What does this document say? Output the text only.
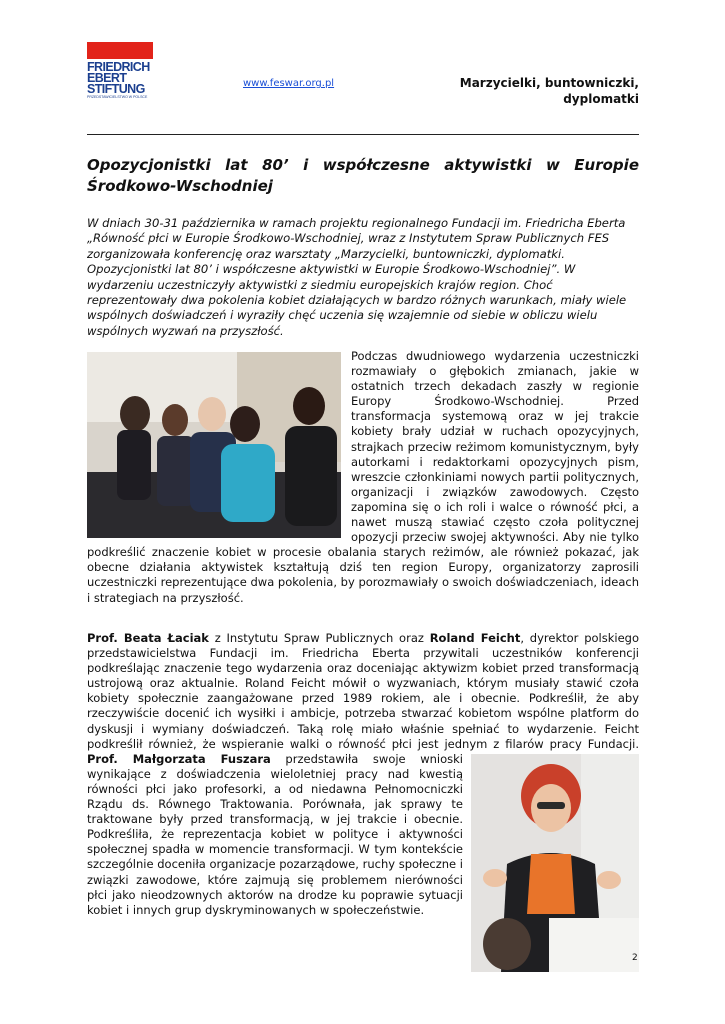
FRIEDRICH
EBERT
STIFTUNG
PRZEDSTAWICIELSTWO W POLSCE
www.feswar.org.pl	Marzycielki, buntowniczki, dyplomatki
Opozycjonistki lat 80’ i współczesne aktywistki w Europie Środkowo-Wschodniej

W dniach 30-31 października w ramach projektu regionalnego Fundacji im. Friedricha Eberta „Równość płci w Europie Środkowo-Wschodniej, wraz z Instytutem Spraw Publicznych FES zorganizowała konferencję oraz warsztaty „Marzycielki, buntowniczki, dyplomatki. Opozycjonistki lat 80’ i współczesne aktywistki w Europie Środkowo-Wschodniej”. W wydarzeniu uczestniczyły aktywistki z siedmiu europejskich krajów region. Choć reprezentowały dwa pokolenia kobiet działających w bardzo różnych warunkach, miały wiele wspólnych doświadczeń i wyraziły chęć uczenia się wzajemnie od siebie w obliczu wielu wspólnych wyzwań na przyszłość.

Podczas dwudniowego wydarzenia uczestniczki rozmawiały o głębokich zmianach, jakie w ostatnich trzech dekadach zaszły w regionie Europy Środkowo-Wschodniej. Przed transformacja systemową oraz w jej trakcie kobiety brały udział w ruchach opozycyjnych, strajkach przeciw reżimom komunistycznym, były autorkami i redaktorkami opozycyjnych pism, wreszcie członkiniami nowych partii politycznych, organizacji i związków zawodowych. Często zapomina się o ich roli i walce o równość płci, a nawet muszą stawiać często czoła politycznej opozycji przeciw swojej aktywności. Aby nie tylko podkreślić znaczenie kobiet w procesie obalania starych reżimów, ale również pokazać, jak obecne działania aktywistek kształtują dziś ten region Europy, organizatorzy zaprosili uczestniczki reprezentujące dwa pokolenia, by porozmawiały o swoich doświadczeniach, ideach i strategiach na przyszłość.
Prof. Beata Łaciak z Instytutu Spraw Publicznych oraz Roland Feicht, dyrektor polskiego przedstawicielstwa Fundacji im. Friedricha Eberta przywitali uczestników konferencji podkreślając znaczenie tego wydarzenia oraz doceniając aktywizm kobiet przed transformacją ustrojową oraz aktualnie. Roland Feicht mówił o wyzwaniach, którym musiały stawić czoła kobiety społecznie zaangażowane przed 1989 rokiem, ale i obecnie. Podkreślił, że aby rzeczywiście docenić ich wysiłki i ambicje, potrzeba stwarzać kobietom wspólne platform do dyskusji i wymiany doświadczeń. Taką rolę miało właśnie spełniać to wydarzenie. Feicht podkreślił również, że wspieranie walki o równość płci jest jednym z filarów pracy Fundacji.
Prof. Małgorzata Fuszara przedstawiła swoje wnioski wynikające z doświadczenia wieloletniej pracy nad kwestią równości płci jako profesorki, a od niedawna Pełnomocniczki Rządu ds. Równego Traktowania. Porównała, jak sprawy te traktowane były przed transformacją, w jej trakcie i obecnie. Podkreśliła, że reprezentacja kobiet w polityce i aktywności społecznej spadła w momencie transformacji. W tym kontekście szczególnie doceniła organizacje pozarządowe, ruchy społeczne i związki zawodowe, które zajmują się problemem nierówności płci jako nieodzownych aktorów na drodze ku poprawie sytuacji kobiet i innych grup dyskryminowanych w społeczeństwie.
2
